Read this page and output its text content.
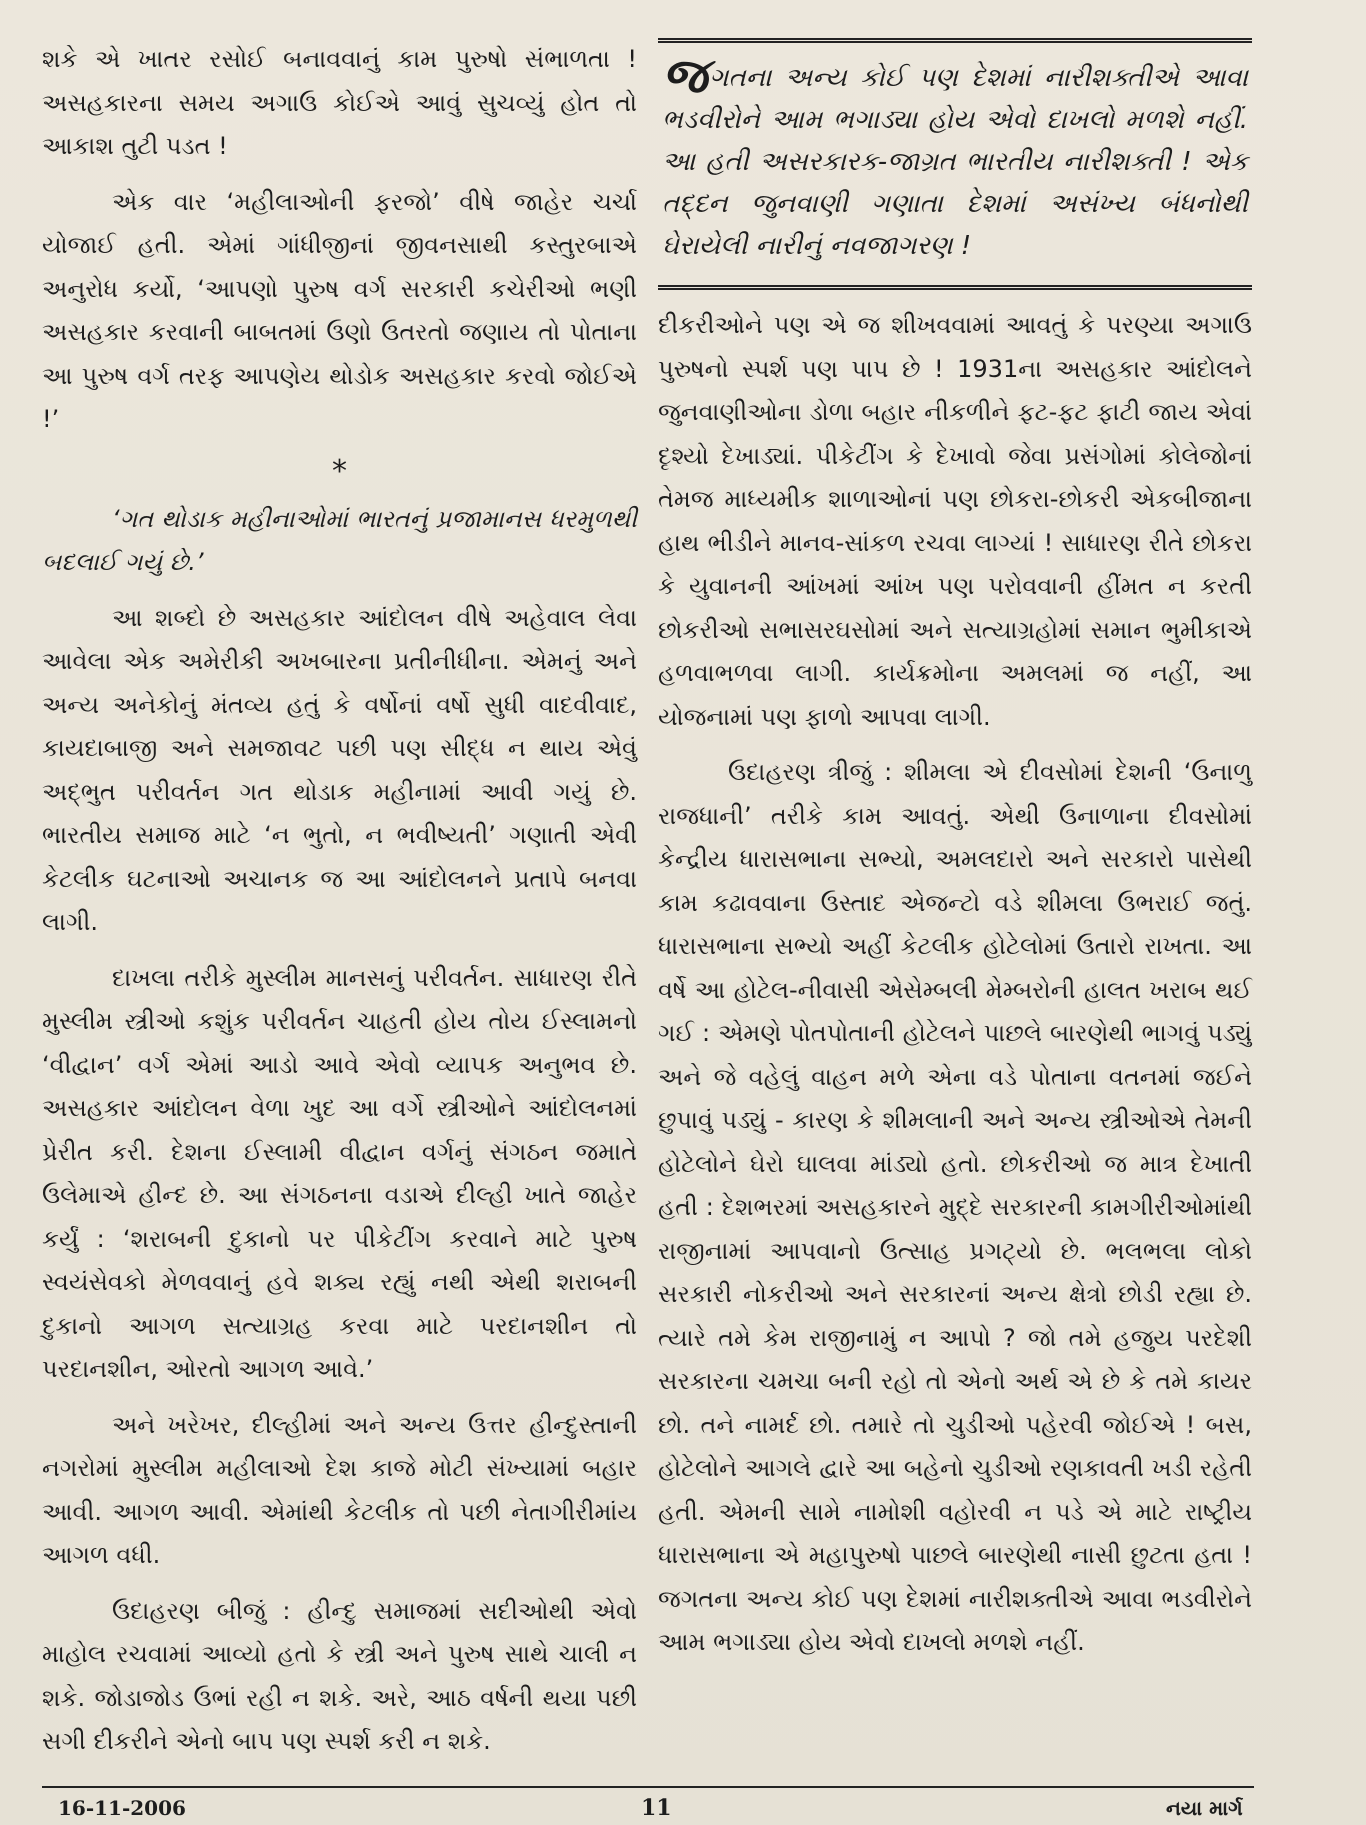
શકે એ ખાતર રસોઈ બનાવવાનું કામ પુરુષો સંભાળતા ! અસહકારના સમય અગાઉ કોઈએ આવું સુચવ્યું હોત તો આકાશ તુટી પડત !

એક વાર ‘મહીલાઓની ફરજો’ વીષે જાહેર ચર્ચા યોજાઈ હતી. એમાં ગાંધીજીનાં જીવનસાથી કસ્તુરબાએ અનુરોધ કર્યો, ‘આપણો પુરુષ વર્ગ સરકારી કચેરીઓ ભણી અસહકાર કરવાની બાબતમાં ઉણો ઉતરતો જણાય તો પોતાના આ પુરુષ વર્ગ તરફ આપણેય થોડોક અસહકાર કરવો જોઈએ !’

*

‘ગત થોડાક મહીનાઓમાં ભારતનું પ્રજામાનસ ધરમુળથી બદલાઈ ગયું છે.’

આ શબ્દો છે અસહકાર આંદોલન વીષે અહેવાલ લેવા આવેલા એક અમેરીકી અખબારના પ્રતીનીધીના. એમનું અને અન્ય અનેકોનું મંતવ્ય હતું કે વર્ષોનાં વર્ષો સુધી વાદવીવાદ, કાયદાબાજી અને સમજાવટ પછી પણ સીદ્ધ ન થાય એવું અદ્ભુત પરીવર્તન ગત થોડાક મહીનામાં આવી ગયું છે. ભારતીય સમાજ માટે ‘ન ભુતો, ન ભવીષ્યતી’ ગણાતી એવી કેટલીક ઘટનાઓ અચાનક જ આ આંદોલનને પ્રતાપે બનવા લાગી.

દાખલા તરીકે મુસ્લીમ માનસનું પરીવર્તન. સાધારણ રીતે મુસ્લીમ સ્ત્રીઓ કશુંક પરીવર્તન ચાહતી હોય તોય ઈસ્લામનો ‘વીદ્વાન’ વર્ગ એમાં આડો આવે એવો વ્યાપક અનુભવ છે. અસહકાર આંદોલન વેળા ખુદ આ વર્ગે સ્ત્રીઓને આંદોલનમાં પ્રેરીત કરી. દેશના ઈસ્લામી વીદ્વાન વર્ગનું સંગઠન જમાતે ઉલેમાએ હીન્દ છે. આ સંગઠનના વડાએ દીલ્હી ખાતે જાહેર કર્યું : ‘શરાબની દુકાનો પર પીકેટીંગ કરવાને માટે પુરુષ સ્વયંસેવકો મેળવવાનું હવે શક્ય રહ્યું નથી એથી શરાબની દુકાનો આગળ સત્યાગ્રહ કરવા માટે પરદાનશીન તો પરદાનશીન, ઓરતો આગળ આવે.’

અને ખરેખર, દીલ્હીમાં અને અન્ય ઉત્તર હીન્દુસ્તાની નગરોમાં મુસ્લીમ મહીલાઓ દેશ કાજે મોટી સંખ્યામાં બહાર આવી. આગળ આવી. એમાંથી કેટલીક તો પછી નેતાગીરીમાંય આગળ વધી.

ઉદાહરણ બીજું : હીન્દુ સમાજમાં સદીઓથી એવો માહોલ રચવામાં આવ્યો હતો કે સ્ત્રી અને પુરુષ સાથે ચાલી ન શકે. જોડાજોડ ઉભાં રહી ન શકે. અરે, આઠ વર્ષની થયા પછી સગી દીકરીને એનો બાપ પણ સ્પર્શ કરી ન શકે.

જગતના અન્ય કોઈ પણ દેશમાં નારીશક્તીએ આવા ભડવીરોને આમ ભગાડ્યા હોય એવો દાખલો મળશે નહીં. આ હતી અસરકારક-જાગ્રત ભારતીય નારીશક્તી ! એક તદ્દન જુનવાણી ગણાતા દેશમાં અસંખ્ય બંધનોથી ઘેરાયેલી નારીનું નવજાગરણ !

દીકરીઓને પણ એ જ શીખવવામાં આવતું કે પરણ્યા અગાઉ પુરુષનો સ્પર્શ પણ પાપ છે ! 1931ના અસહકાર આંદોલને જુનવાણીઓના ડોળા બહાર નીકળીને ફટ-ફટ ફાટી જાય એવાં દૃશ્યો દેખાડ્યાં. પીકેટીંગ કે દેખાવો જેવા પ્રસંગોમાં કોલેજોનાં તેમજ માધ્યમીક શાળાઓનાં પણ છોકરા-છોકરી એકબીજાના હાથ ભીડીને માનવ-સાંકળ રચવા લાગ્યાં ! સાધારણ રીતે છોકરા કે યુવાનની આંખમાં આંખ પણ પરોવવાની હીંમત ન કરતી છોકરીઓ સભાસરઘસોમાં અને સત્યાગ્રહોમાં સમાન ભુમીકાએ હળવાભળવા લાગી. કાર્યક્રમોના અમલમાં જ નહીં, આ યોજનામાં પણ ફાળો આપવા લાગી.

ઉદાહરણ ત્રીજું : શીમલા એ દીવસોમાં દેશની ‘ઉનાળુ રાજધાની’ તરીકે કામ આવતું. એથી ઉનાળાના દીવસોમાં કેન્દ્રીય ધારાસભાના સભ્યો, અમલદારો અને સરકારો પાસેથી કામ કઢાવવાના ઉસ્તાદ એજન્ટો વડે શીમલા ઉભરાઈ જતું. ધારાસભાના સભ્યો અહીં કેટલીક હોટેલોમાં ઉતારો રાખતા. આ વર્ષે આ હોટેલ-નીવાસી એસેમ્બલી મેમ્બરોની હાલત ખરાબ થઈ ગઈ : એમણે પોતપોતાની હોટેલને પાછલે બારણેથી ભાગવું પડ્યું અને જે વહેલું વાહન મળે એના વડે પોતાના વતનમાં જઈને છુપાવું પડ્યું - કારણ કે શીમલાની અને અન્ય સ્ત્રીઓએ તેમની હોટેલોને ઘેરો ઘાલવા માંડ્યો હતો. છોકરીઓ જ માત્ર દેખાતી હતી : દેશભરમાં અસહકારને મુદ્દે સરકારની કામગીરીઓમાંથી રાજીનામાં આપવાનો ઉત્સાહ પ્રગટ્યો છે. ભલભલા લોકો સરકારી નોકરીઓ અને સરકારનાં અન્ય ક્ષેત્રો છોડી રહ્યા છે. ત્યારે તમે કેમ રાજીનામું ન આપો ? જો તમે હજુય પરદેશી સરકારના ચમચા બની રહો તો એનો અર્થ એ છે કે તમે કાયર છો. તને નામર્દ છો. તમારે તો ચુડીઓ પહેરવી જોઈએ ! બસ, હોટેલોને આગલે દ્વારે આ બહેનો ચુડીઓ રણકાવતી ખડી રહેતી હતી. એમની સામે નામોશી વહોરવી ન પડે એ માટે રાષ્ટ્રીય ધારાસભાના એ મહાપુરુષો પાછલે બારણેથી નાસી છુટતા હતા ! જગતના અન્ય કોઈ પણ દેશમાં નારીશક્તીએ આવા ભડવીરોને આમ ભગાડ્યા હોય એવો દાખલો મળશે નહીં.

16-11-2006	11	નયા માર્ગ
